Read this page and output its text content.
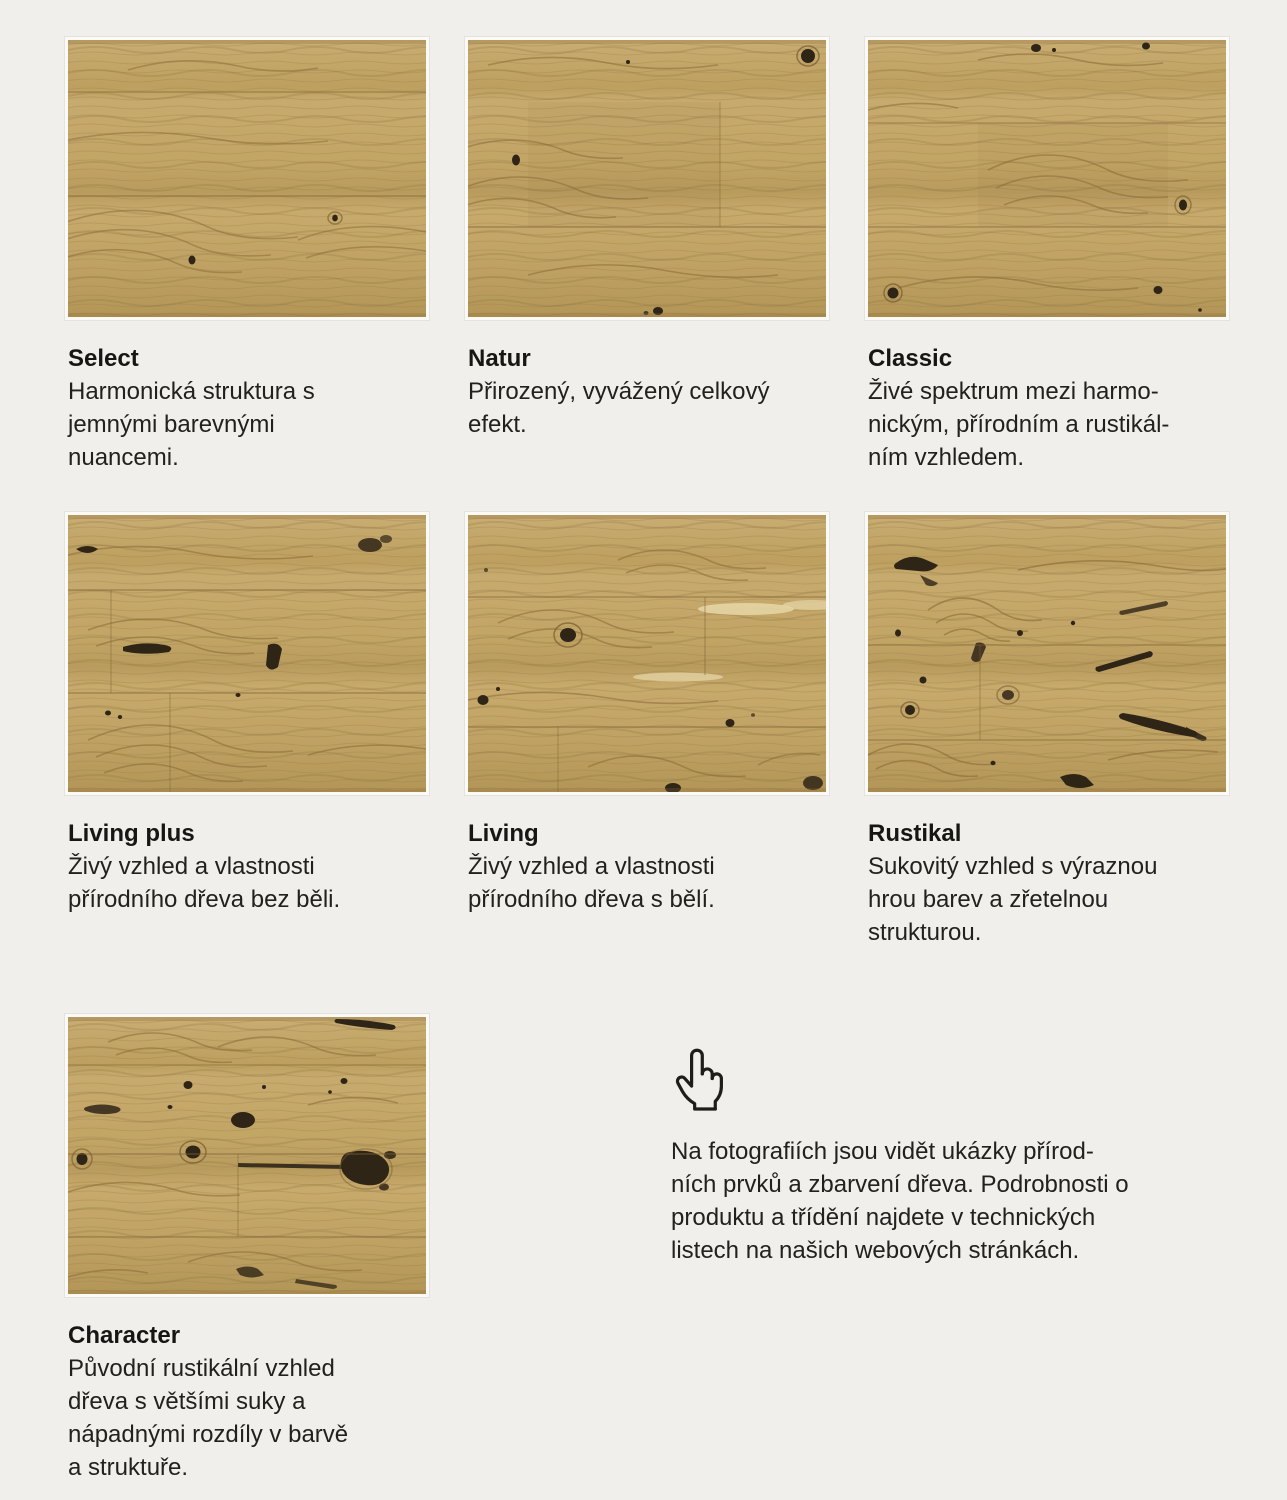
Select
Harmonická struktura s
jemnými barevnými
nuancemi.
Natur
Přirozený, vyvážený celkový
efekt.
Classic
Živé spektrum mezi harmo-
nickým, přírodním a rustikál-
ním vzhledem.
Living plus
Živý vzhled a vlastnosti
přírodního dřeva bez běli.
Living
Živý vzhled a vlastnosti
přírodního dřeva s bělí.
Rustikal
Sukovitý vzhled s výraznou
hrou barev a zřetelnou
strukturou.
Character
Původní rustikální vzhled
dřeva s většími suky a
nápadnými rozdíly v barvě
a struktuře.
Na fotografiích jsou vidět ukázky přírod-
ních prvků a zbarvení dřeva. Podrobnosti o
produktu a třídění najdete v technických
listech na našich webových stránkách.
